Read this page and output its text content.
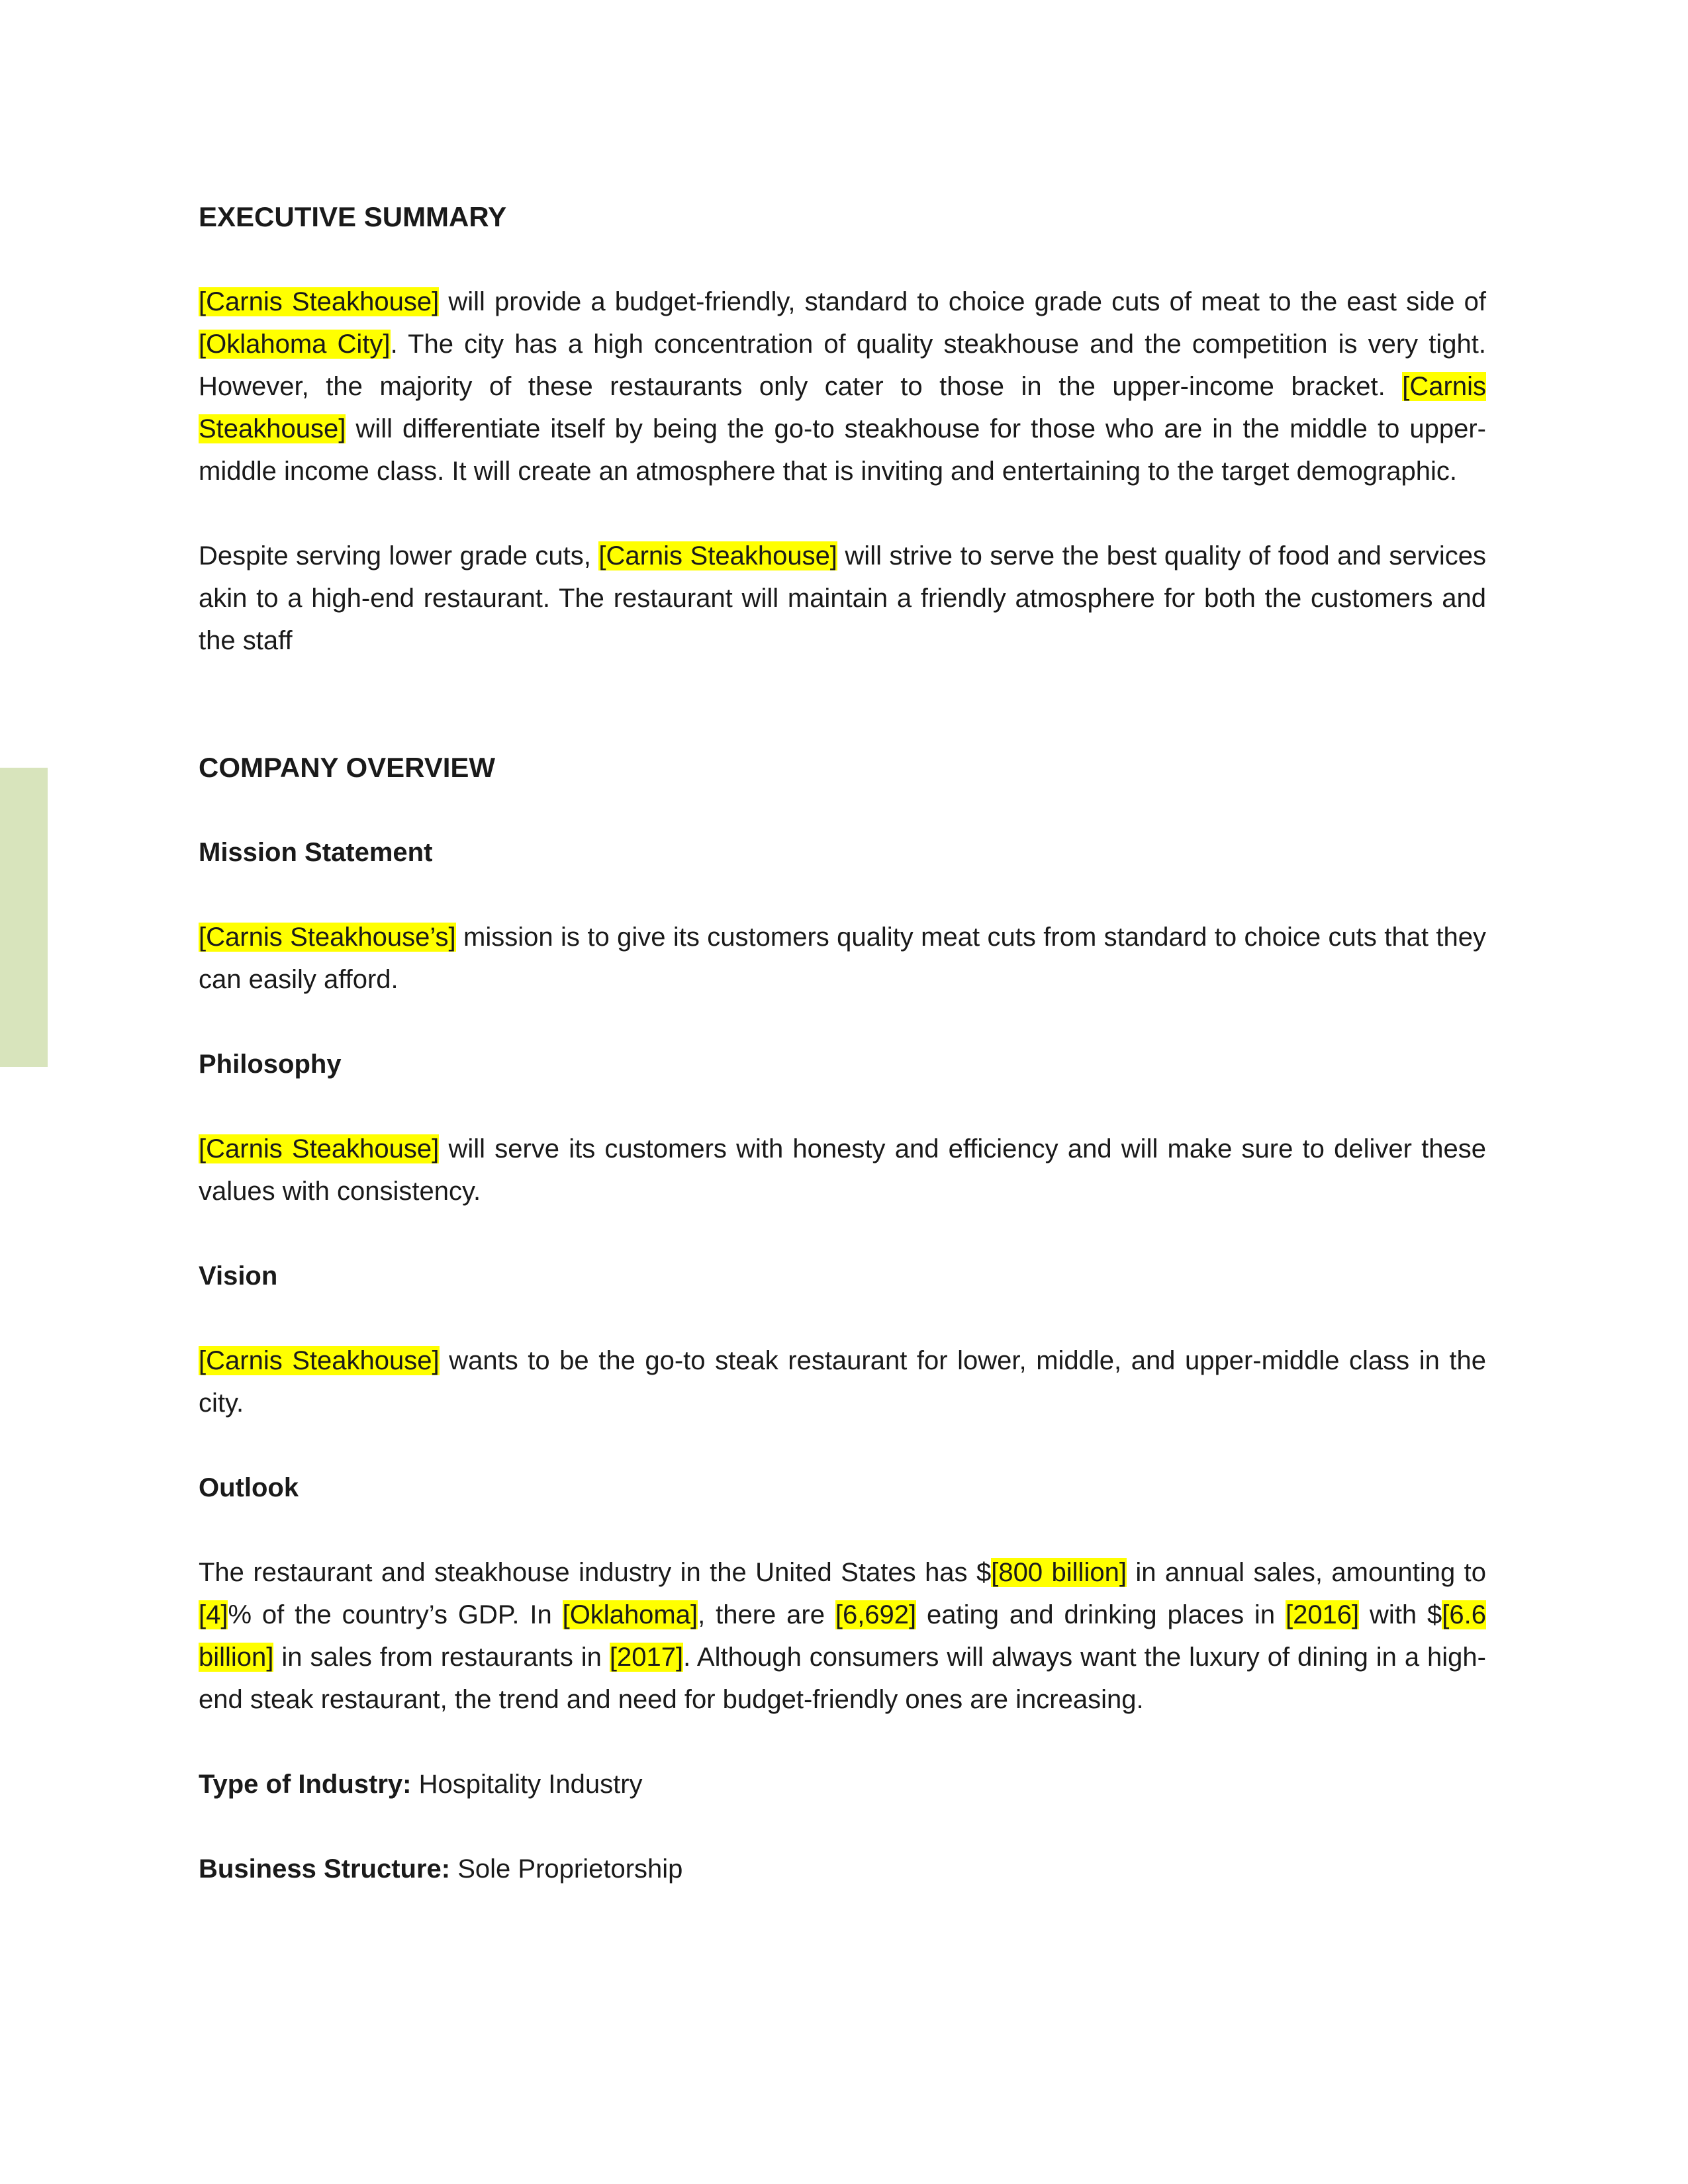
EXECUTIVE SUMMARY

[Carnis Steakhouse] will provide a budget-friendly, standard to choice grade cuts of meat to the east side of [Oklahoma City]. The city has a high concentration of quality steakhouse and the competition is very tight. However, the majority of these restaurants only cater to those in the upper-income bracket. [Carnis Steakhouse] will differentiate itself by being the go-to steakhouse for those who are in the middle to upper-middle income class. It will create an atmosphere that is inviting and entertaining to the target demographic.

Despite serving lower grade cuts, [Carnis Steakhouse] will strive to serve the best quality of food and services akin to a high-end restaurant. The restaurant will maintain a friendly atmosphere for both the customers and the staff

COMPANY OVERVIEW
Mission Statement

[Carnis Steakhouse’s] mission is to give its customers quality meat cuts from standard to choice cuts that they can easily afford.

Philosophy

[Carnis Steakhouse] will serve its customers with honesty and efficiency and will make sure to deliver these values with consistency.

Vision

[Carnis Steakhouse] wants to be the go-to steak restaurant for lower, middle, and upper-middle class in the city.

Outlook

The restaurant and steakhouse industry in the United States has $[800 billion] in annual sales, amounting to [4]% of the country’s GDP. In [Oklahoma], there are [6,692] eating and drinking places in [2016] with $[6.6 billion] in sales from restaurants in [2017]. Although consumers will always want the luxury of dining in a high-end steak restaurant, the trend and need for budget-friendly ones are increasing.

Type of Industry: Hospitality Industry

Business Structure: Sole Proprietorship
